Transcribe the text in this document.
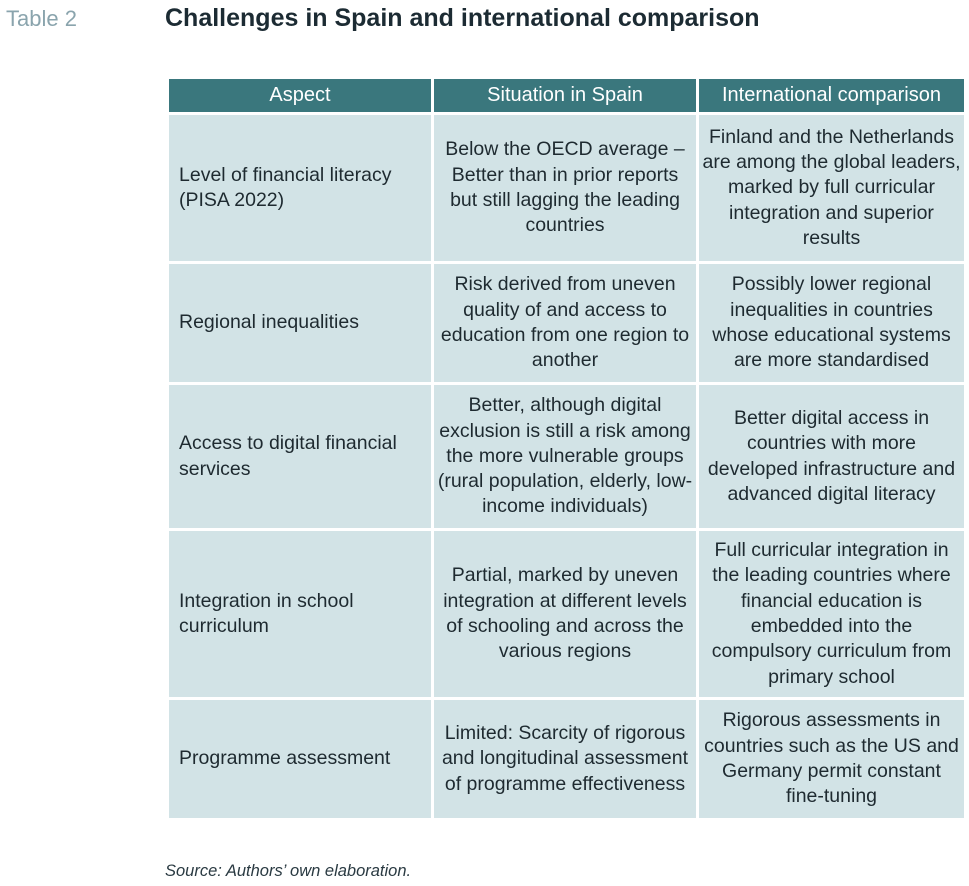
Table 2	Challenges in Spain and international comparison
Aspect	Situation in Spain	International comparison
Level of financial literacy (PISA 2022)	Below the OECD average – Better than in prior reports but still lagging the leading countries	Finland and the Netherlands are among the global leaders, marked by full curricular integration and superior results
Regional inequalities	Risk derived from uneven quality of and access to education from one region to another	Possibly lower regional inequalities in countries whose educational systems are more standardised
Access to digital financial services	Better, although digital exclusion is still a risk among the more vulnerable groups (rural population, elderly, low-income individuals)	Better digital access in countries with more developed infrastructure and advanced digital literacy
Integration in school curriculum	Partial, marked by uneven integration at different levels of schooling and across the various regions	Full curricular integration in the leading countries where financial education is embedded into the compulsory curriculum from primary school
Programme assessment	Limited: Scarcity of rigorous and longitudinal assessment of programme effectiveness	Rigorous assessments in countries such as the US and Germany permit constant fine-tuning
Source: Authors’ own elaboration.
